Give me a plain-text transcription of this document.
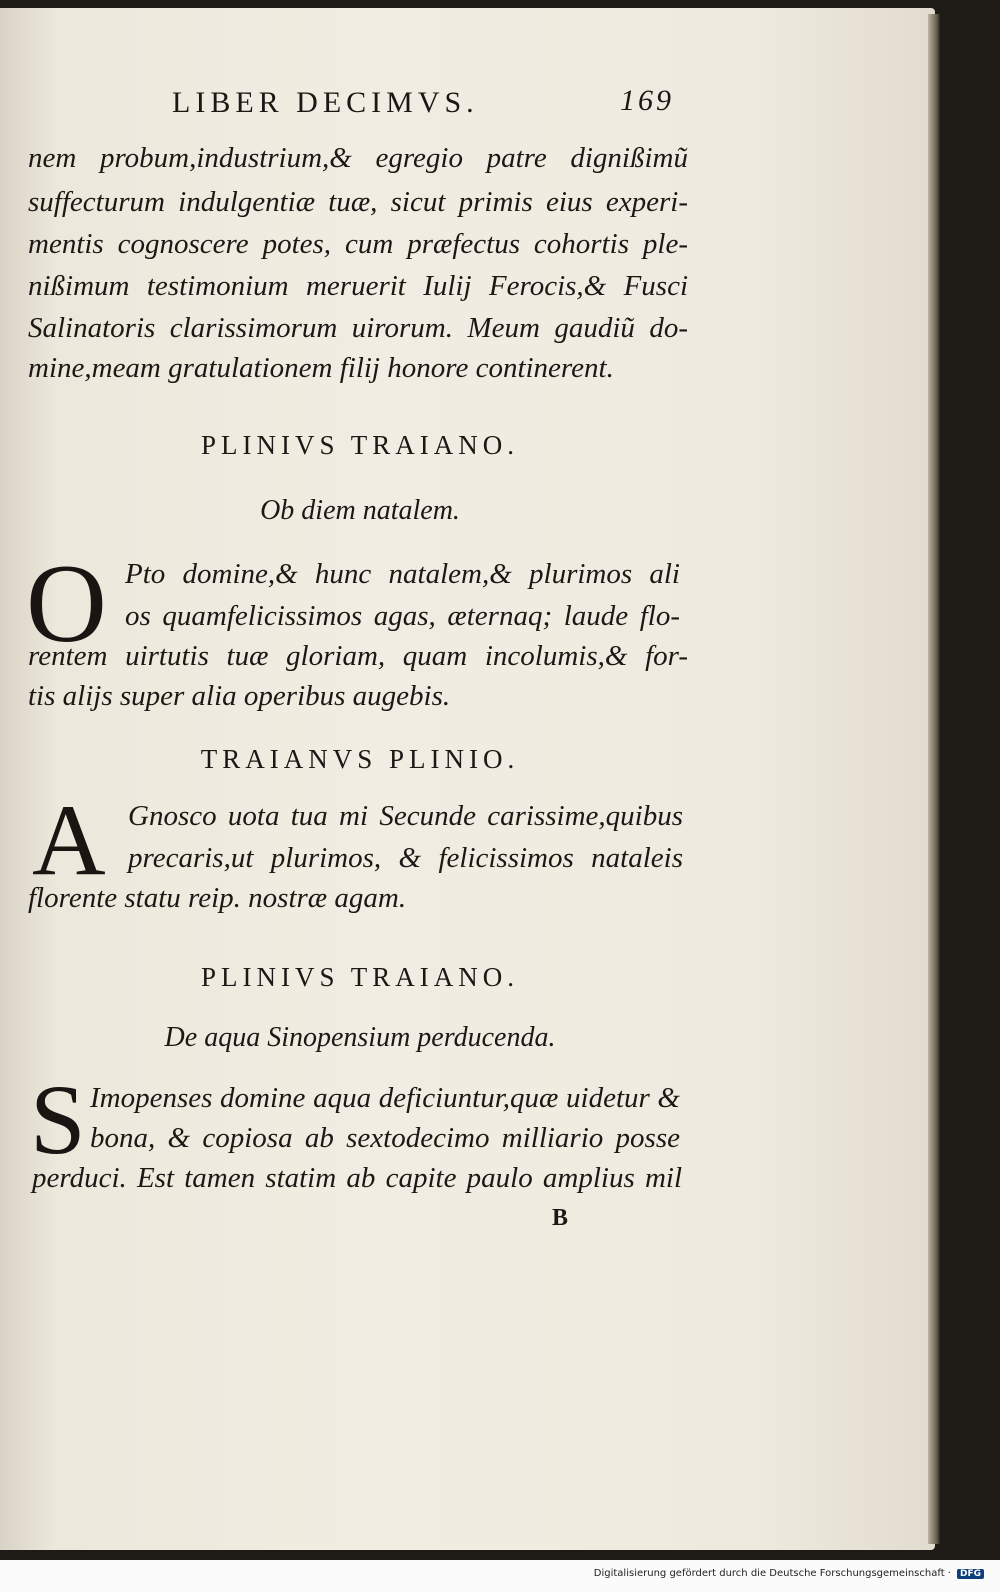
LIBER DECIMVS.	169
nem probum,industrium,& egregio patre dignißimũ
suffecturum indulgentiæ tuæ, sicut primis eius experi-
mentis cognoscere potes, cum præfectus cohortis ple-
nißimum testimonium meruerit Iulij Ferocis,& Fusci
Salinatoris clarissimorum uirorum. Meum gaudiũ do-
mine,meam gratulationem filij honore continerent.
PLINIVS TRAIANO.
Ob diem natalem.
O Pto domine,& hunc natalem,& plurimos ali
os quamfelicissimos agas, æternaq; laude flo-
rentem uirtutis tuæ gloriam, quam incolumis,& for-
tis alijs super alia operibus augebis.
TRAIANVS PLINIO.
A Gnosco uota tua mi Secunde carissime,quibus
precaris,ut plurimos, & felicissimos nataleis
florente statu reip. nostræ agam.
PLINIVS TRAIANO.
De aqua Sinopensium perducenda.
S Imopenses domine aqua deficiuntur,quæ uidetur &
bona, & copiosa ab sextodecimo milliario posse
perduci. Est tamen statim ab capite paulo amplius mil
B
Digitalisierung gefördert durch die Deutsche Forschungsgemeinschaft · DFG
